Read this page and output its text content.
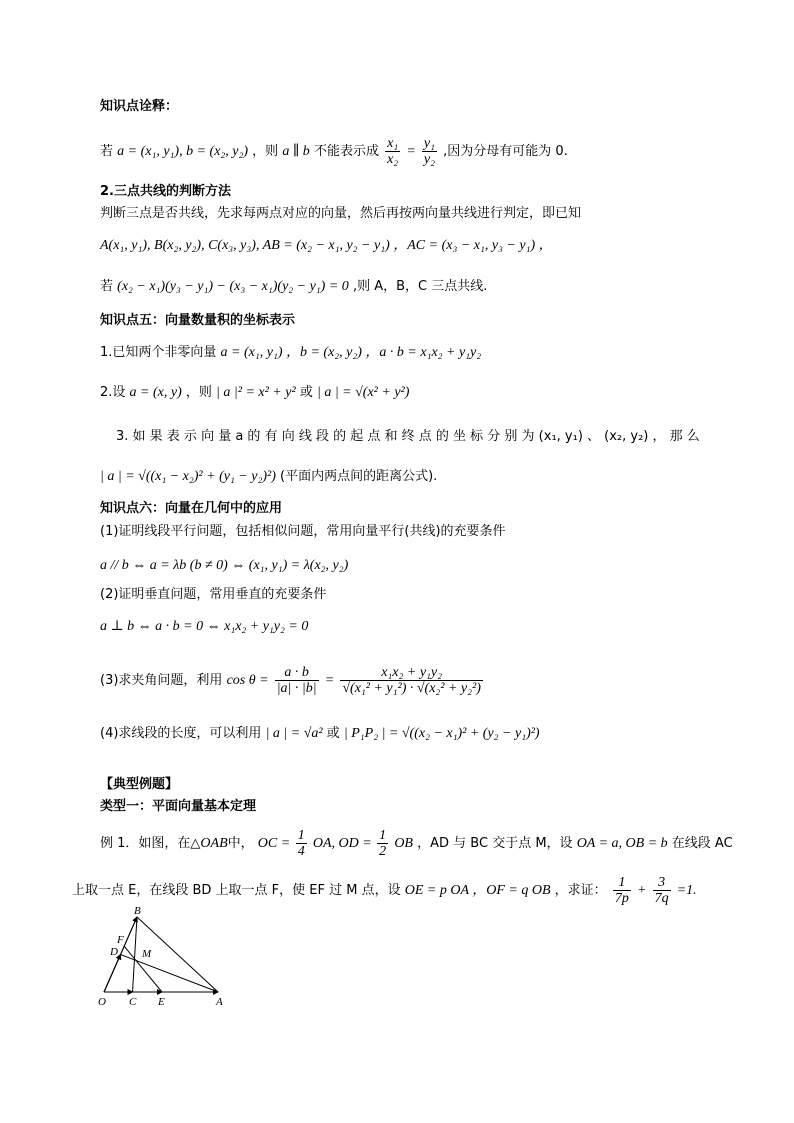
知识点诠释：
若 a = (x₁, y₁), b = (x₂, y₂) ，则 a ∥ b 不能表示成 $\frac{\text{x₁}}{\text{x₂}} = \frac{\text{y₁}}{\text{y₂}}$ ,因为分母有可能为 0.
2.三点共线的判断方法
判断三点是否共线，先求每两点对应的向量，然后再按两向量共线进行判定，即已知
A(x₁, y₁), B(x₂, y₂), C(x₃, y₃), AB = (x₂ − x₁, y₂ − y₁) ，AC = (x₃ − x₁, y₃ − y₁) ，
若 (x₂ − x₁)(y₃ − y₁) − (x₃ − x₁)(y₂ − y₁) = 0 ,则 A，B，C 三点共线.
知识点五：向量数量积的坐标表示
1.已知两个非零向量 a = (x₁, y₁) ，b = (x₂, y₂) ，a · b = x₁x₂ + y₁y₂
2.设 a = (x, y) ，则 | a |² = x² + y² 或 | a | = √(x² + y²)
3. 如 果 表 示 向 量 a 的 有 向 线 段 的 起 点 和 终 点 的 坐 标 分 别 为 (x₁, y₁) 、 (x₂, y₂) ， 那 么
| a | = √((x₁ − x₂)² + (y₁ − y₂)²) (平面内两点间的距离公式).
知识点六：向量在几何中的应用
(1)证明线段平行问题，包括相似问题，常用向量平行(共线)的充要条件
a // b ⇔ a = λb (b ≠ 0) ⇔ (x₁, y₁) = λ(x₂, y₂)
(2)证明垂直问题，常用垂直的充要条件
a ⊥ b ⇔ a · b = 0 ⇔ x₁x₂ + y₁y₂ = 0
(3)求夹角问题，利用 $\cos \theta = \frac{a \cdot b}{|a| \cdot |b|} = \frac{\text{x₁x₂ + y₁y₂}}{\text{√(x₁² + y₁²) · √(x₂² + y₂²)}}$
(4)求线段的长度，可以利用 | a | = √a² 或 | P₁P₂ | = √((x₂ − x₁)² + (y₂ − y₁)²)
【典型例题】
类型一：平面向量基本定理
例 1．如图，在△OAB中， OC = $\frac{1}{4}$ OA, OD = $\frac{1}{2}$ OB ，AD 与 BC 交于点 M，设 OA = a, OB = b 在线段 AC
上取一点 E，在线段 BD 上取一点 F，使 EF 过 M 点，设 OE = p OA ，OF = q OB ，求证： $\frac{1}{7p} + \frac{3}{7q} =1$.
B
F
D M
O C E	A
